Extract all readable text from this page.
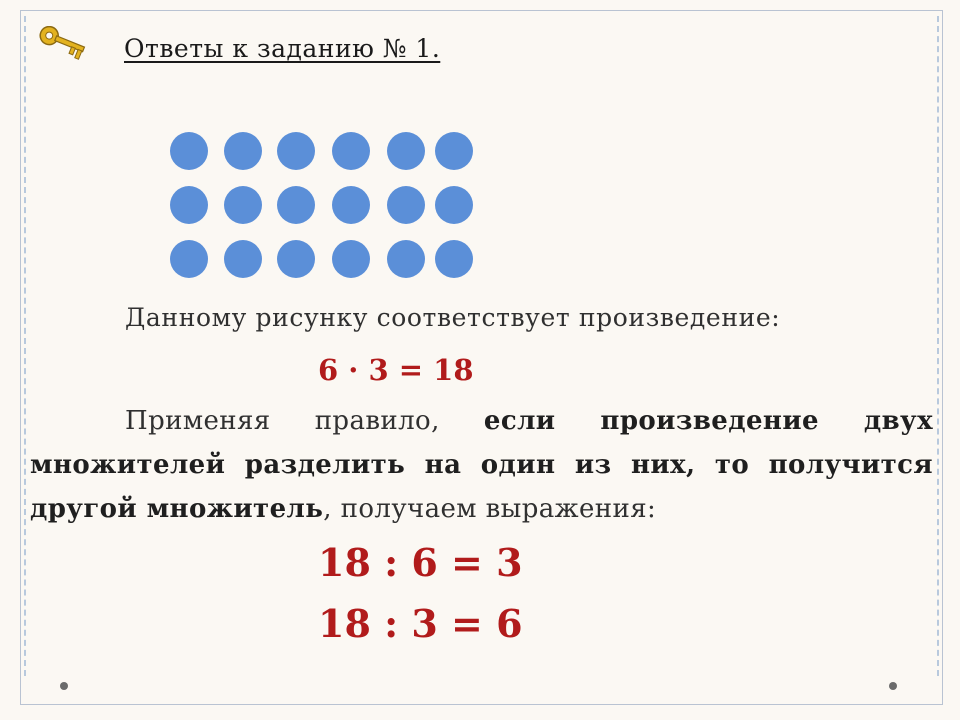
Ответы к заданию № 1.
Данному рисунку соответствует произведение:
6 · 3 = 18
Применяя правило, если произведение двух множителей разделить на один из них, то получится другой множитель, получаем выражения:
18 : 6 = 3
18 : 3 = 6
